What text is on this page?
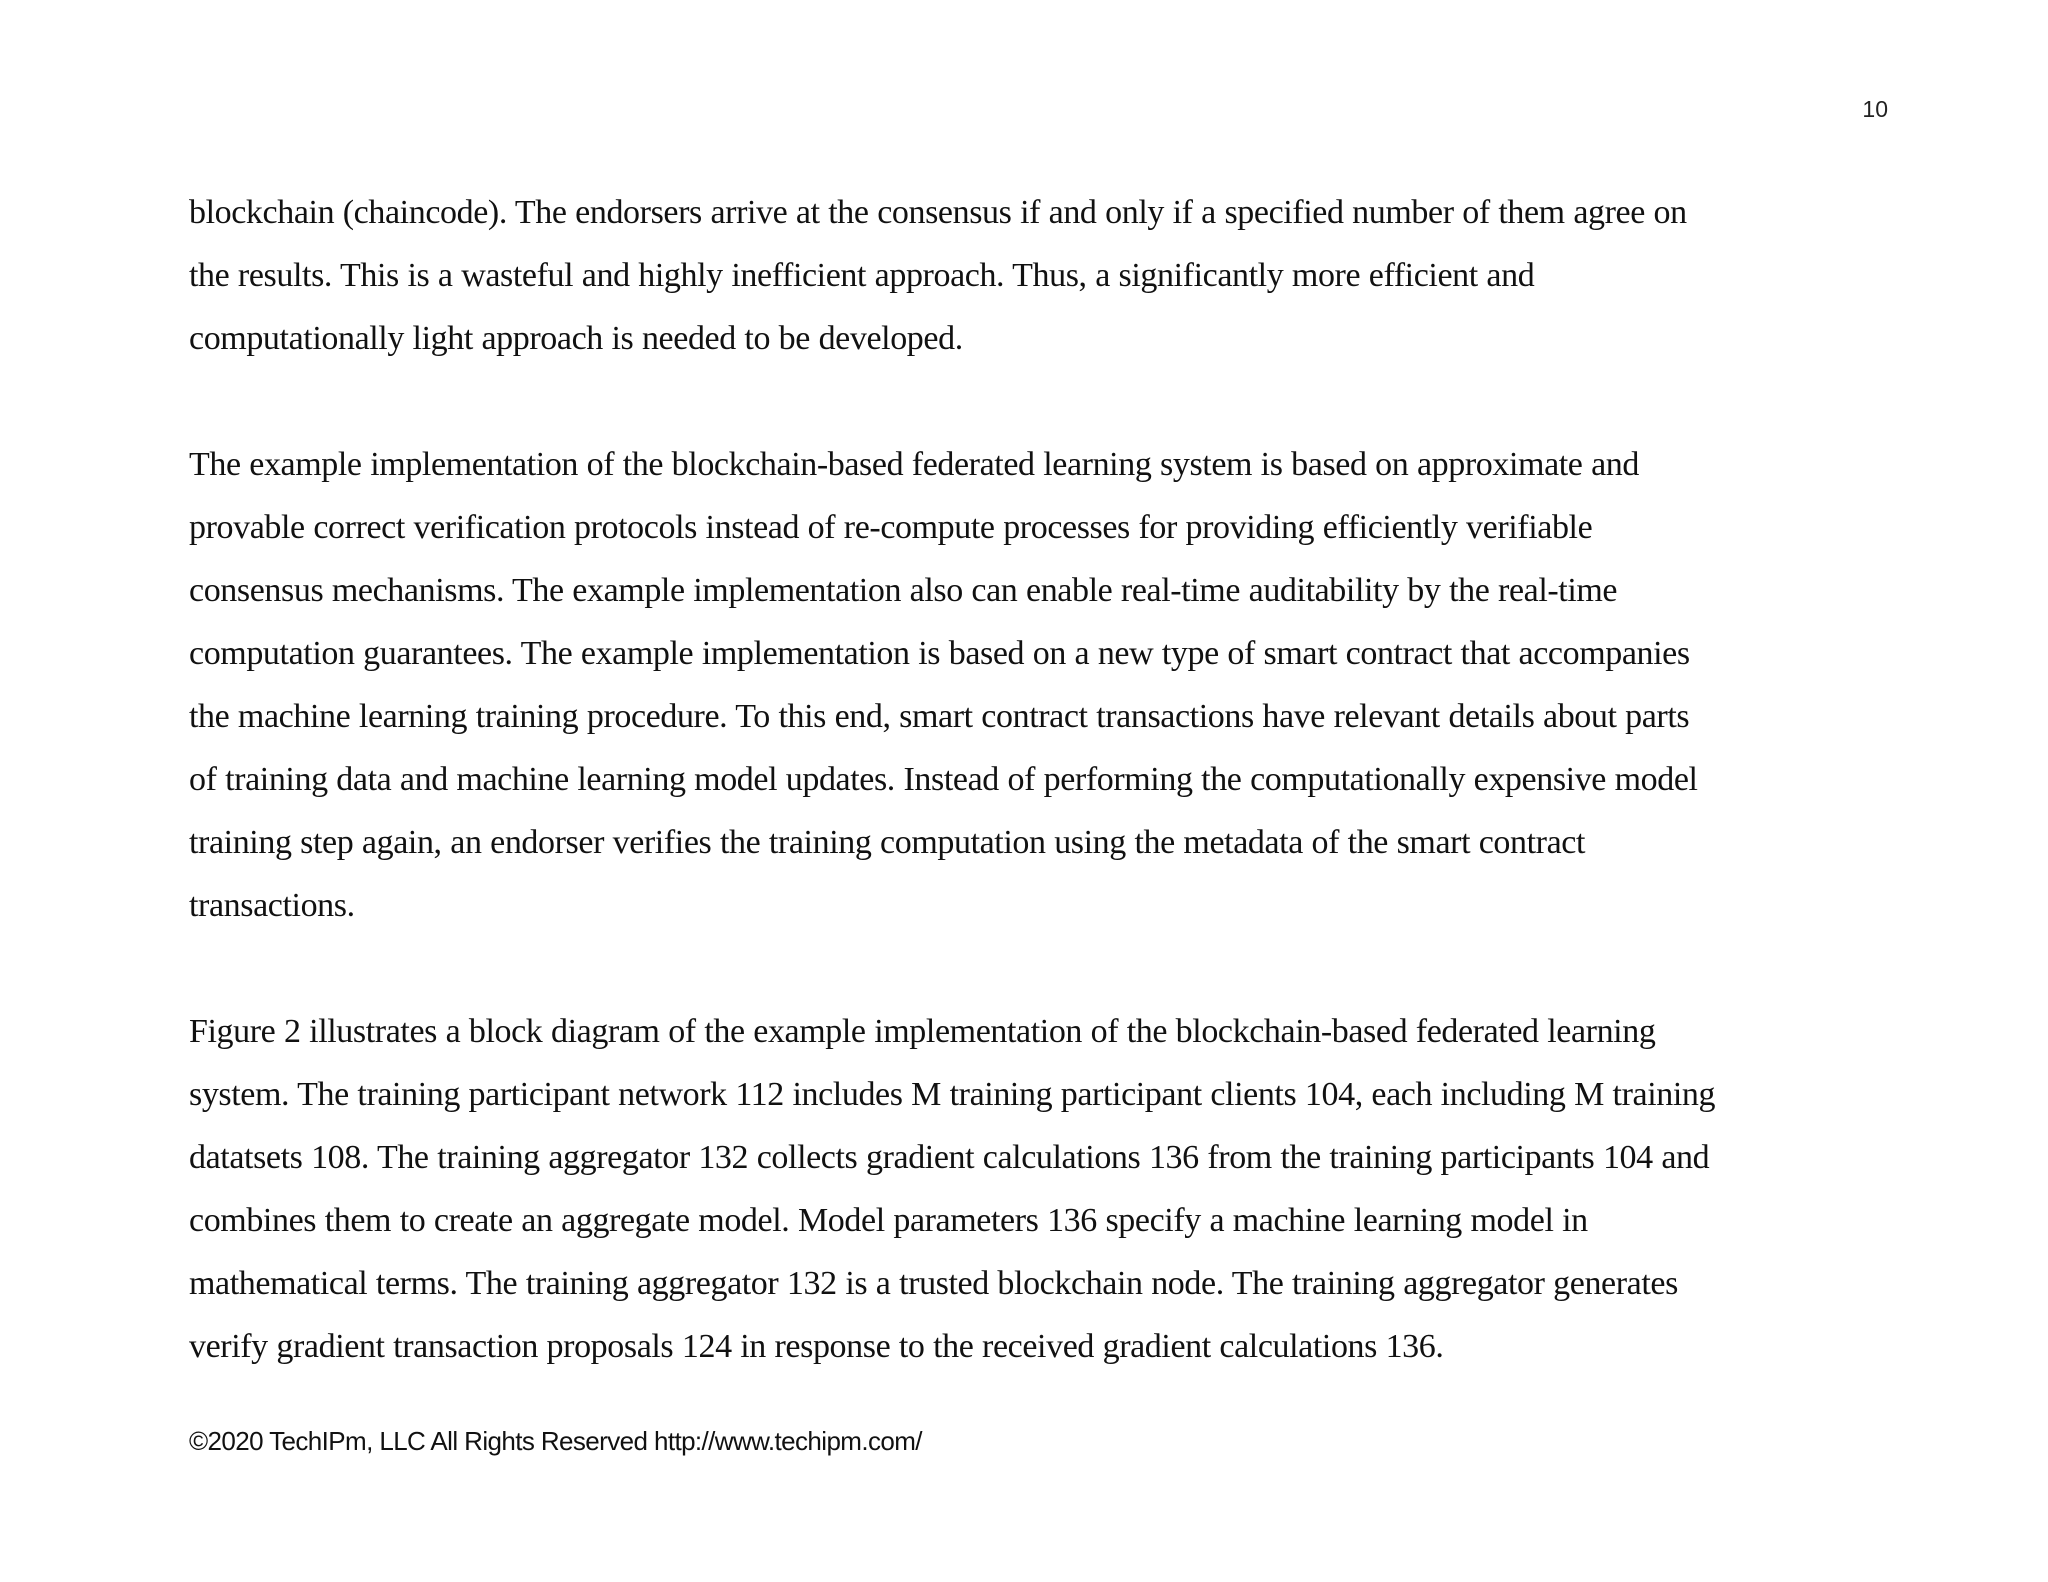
10

blockchain (chaincode). The endorsers arrive at the consensus if and only if a specified number of them agree on
the results. This is a wasteful and highly inefficient approach. Thus, a significantly more efficient and
computationally light approach is needed to be developed.

The example implementation of the blockchain-based federated learning system is based on approximate and
provable correct verification protocols instead of re-compute processes for providing efficiently verifiable
consensus mechanisms. The example implementation also can enable real-time auditability by the real-time
computation guarantees. The example implementation is based on a new type of smart contract that accompanies
the machine learning training procedure. To this end, smart contract transactions have relevant details about parts
of training data and machine learning model updates. Instead of performing the computationally expensive model
training step again, an endorser verifies the training computation using the metadata of the smart contract
transactions.

Figure 2 illustrates a block diagram of the example implementation of the blockchain-based federated learning
system. The training participant network 112 includes M training participant clients 104, each including M training
datatsets 108. The training aggregator 132 collects gradient calculations 136 from the training participants 104 and
combines them to create an aggregate model. Model parameters 136 specify a machine learning model in
mathematical terms. The training aggregator 132 is a trusted blockchain node. The training aggregator generates
verify gradient transaction proposals 124 in response to the received gradient calculations 136.

©2020 TechIPm, LLC All Rights Reserved http://www.techipm.com/
